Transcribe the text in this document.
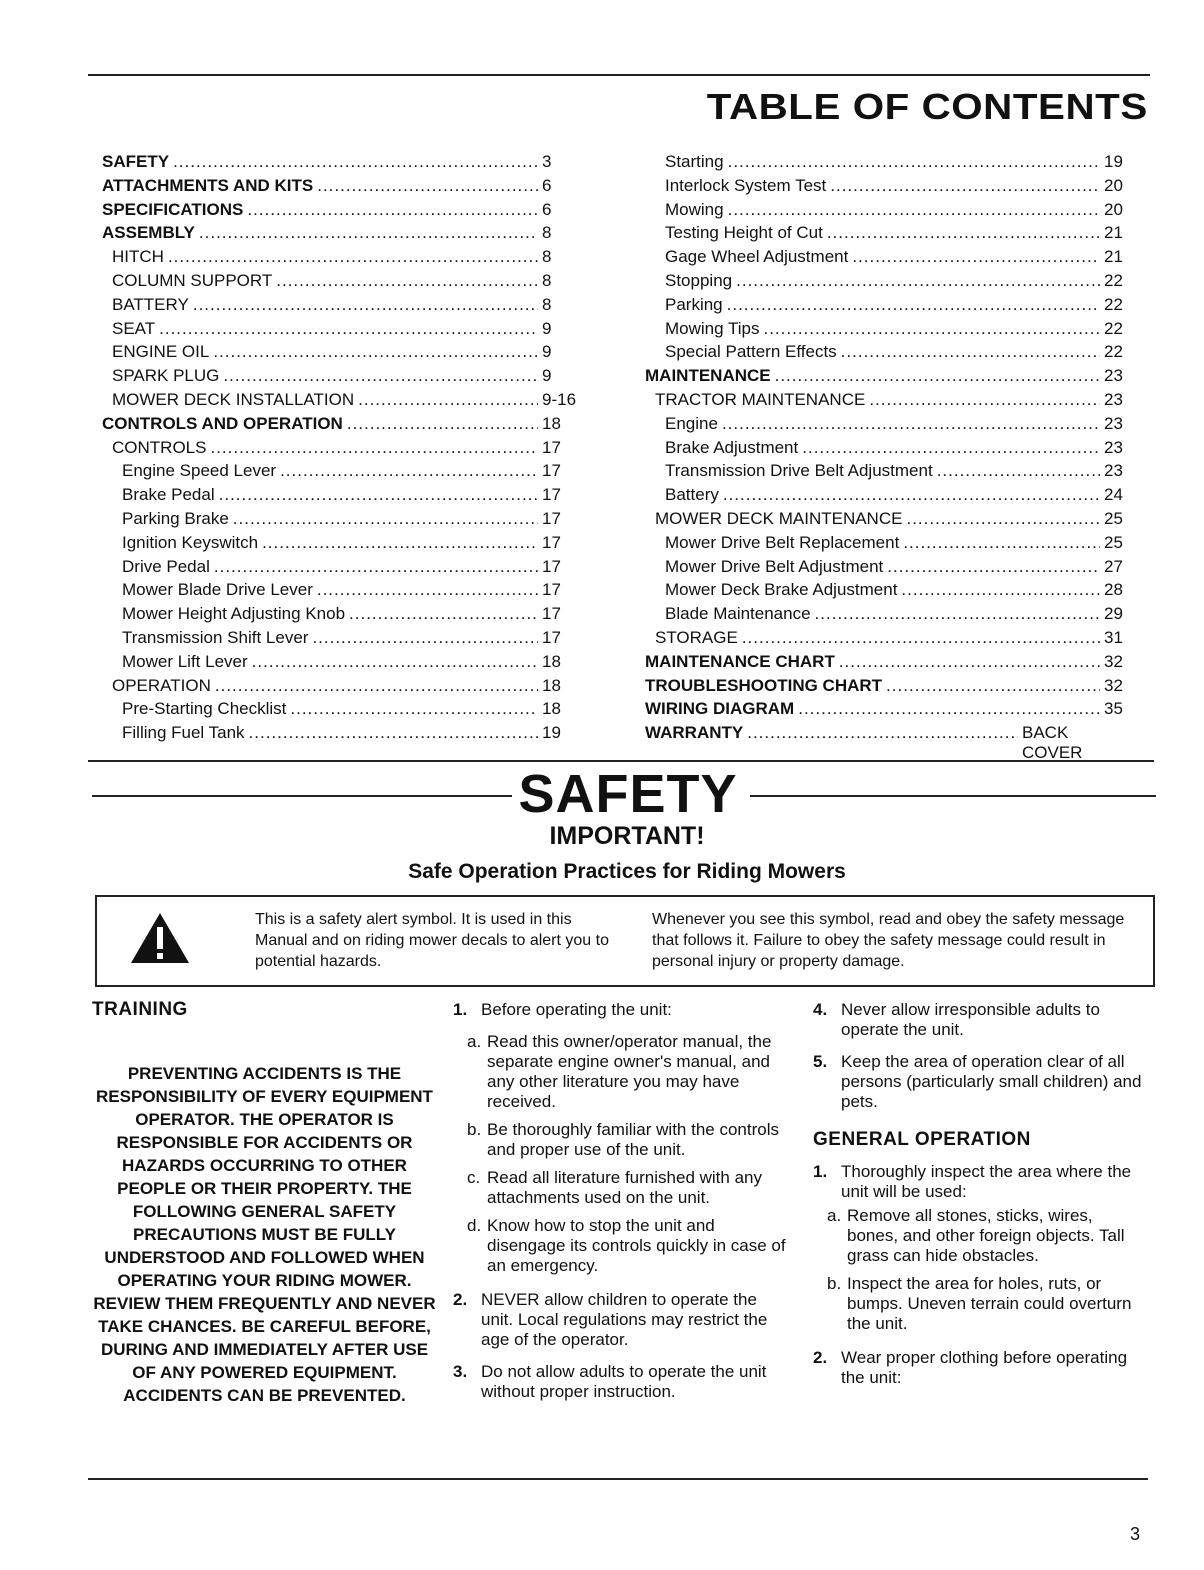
TABLE OF CONTENTS
SAFETY .....	3
ATTACHMENTS AND KITS .....	6
SPECIFICATIONS .....	6
ASSEMBLY .....	8
HITCH .....	8
COLUMN SUPPORT .....	8
BATTERY .....	8
SEAT .....	9
ENGINE OIL .....	9
SPARK PLUG .....	9
MOWER DECK INSTALLATION .....	9-16
CONTROLS AND OPERATION .....	18
CONTROLS .....	17
Engine Speed Lever .....	17
Brake Pedal .....	17
Parking Brake .....	17
Ignition Keyswitch .....	17
Drive Pedal .....	17
Mower Blade Drive Lever .....	17
Mower Height Adjusting Knob .....	17
Transmission Shift Lever .....	17
Mower Lift Lever .....	18
OPERATION .....	18
Pre-Starting Checklist .....	18
Filling Fuel Tank .....	19
Starting .....	19
Interlock System Test .....	20
Mowing .....	20
Testing Height of Cut .....	21
Gage Wheel Adjustment .....	21
Stopping .....	22
Parking .....	22
Mowing Tips .....	22
Special Pattern Effects .....	22
MAINTENANCE .....	23
TRACTOR MAINTENANCE .....	23
Engine .....	23
Brake Adjustment .....	23
Transmission Drive Belt Adjustment .....	23
Battery .....	24
MOWER DECK MAINTENANCE .....	25
Mower Drive Belt Replacement .....	25
Mower Drive Belt Adjustment .....	27
Mower Deck Brake Adjustment .....	28
Blade Maintenance .....	29
STORAGE .....	31
MAINTENANCE CHART .....	32
TROUBLESHOOTING CHART .....	32
WIRING DIAGRAM .....	35
WARRANTY .....	BACK COVER
SAFETY
IMPORTANT!
Safe Operation Practices for Riding Mowers
This is a safety alert symbol. It is used in this Manual and on riding mower decals to alert you to potential hazards.
Whenever you see this symbol, read and obey the safety message that follows it. Failure to obey the safety message could result in personal injury or property damage.
TRAINING
PREVENTING ACCIDENTS IS THE RESPONSIBILITY OF EVERY EQUIPMENT OPERATOR. THE OPERATOR IS RESPONSIBLE FOR ACCIDENTS OR HAZARDS OCCURRING TO OTHER PEOPLE OR THEIR PROPERTY. THE FOLLOWING GENERAL SAFETY PRECAUTIONS MUST BE FULLY UNDERSTOOD AND FOLLOWED WHEN OPERATING YOUR RIDING MOWER. REVIEW THEM FREQUENTLY AND NEVER TAKE CHANCES. BE CAREFUL BEFORE, DURING AND IMMEDIATELY AFTER USE OF ANY POWERED EQUIPMENT. ACCIDENTS CAN BE PREVENTED.
1. Before operating the unit:
a. Read this owner/operator manual, the separate engine owner's manual, and any other literature you may have received.
b. Be thoroughly familiar with the controls and proper use of the unit.
c. Read all literature furnished with any attachments used on the unit.
d. Know how to stop the unit and disengage its controls quickly in case of an emergency.
2. NEVER allow children to operate the unit. Local regulations may restrict the age of the operator.
3. Do not allow adults to operate the unit without proper instruction.
4. Never allow irresponsible adults to operate the unit.
5. Keep the area of operation clear of all persons (particularly small children) and pets.
GENERAL OPERATION
1. Thoroughly inspect the area where the unit will be used:
a. Remove all stones, sticks, wires, bones, and other foreign objects. Tall grass can hide obstacles.
b. Inspect the area for holes, ruts, or bumps. Uneven terrain could overturn the unit.
2. Wear proper clothing before operating the unit:
3
